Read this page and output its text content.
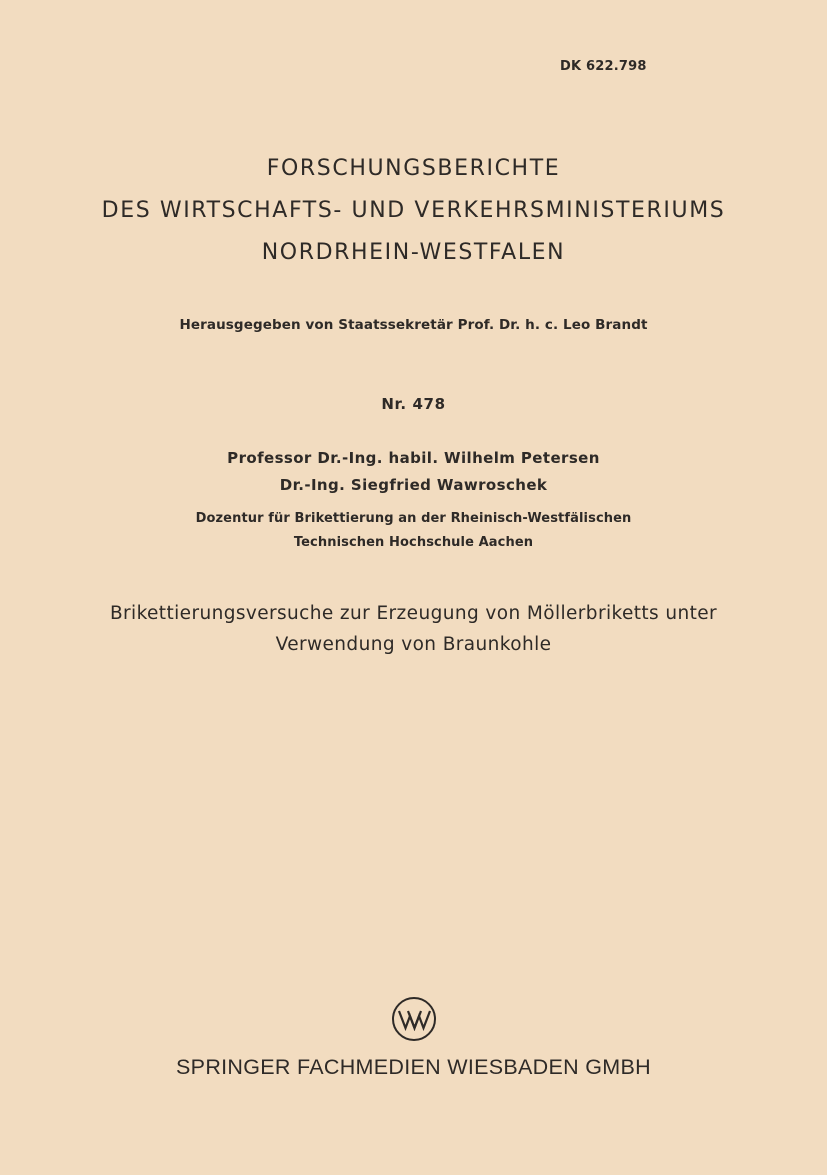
DK 622.798
FORSCHUNGSBERICHTE
DES WIRTSCHAFTS- UND VERKEHRSMINISTERIUMS
NORDRHEIN-WESTFALEN
Herausgegeben von Staatssekretär Prof. Dr. h. c. Leo Brandt
Nr. 478
Professor Dr.-Ing. habil. Wilhelm Petersen
Dr.-Ing. Siegfried Wawroschek
Dozentur für Brikettierung an der Rheinisch-Westfälischen
Technischen Hochschule Aachen
Brikettierungsversuche zur Erzeugung von Möllerbriketts unter
Verwendung von Braunkohle
SPRINGER FACHMEDIEN WIESBADEN GMBH
